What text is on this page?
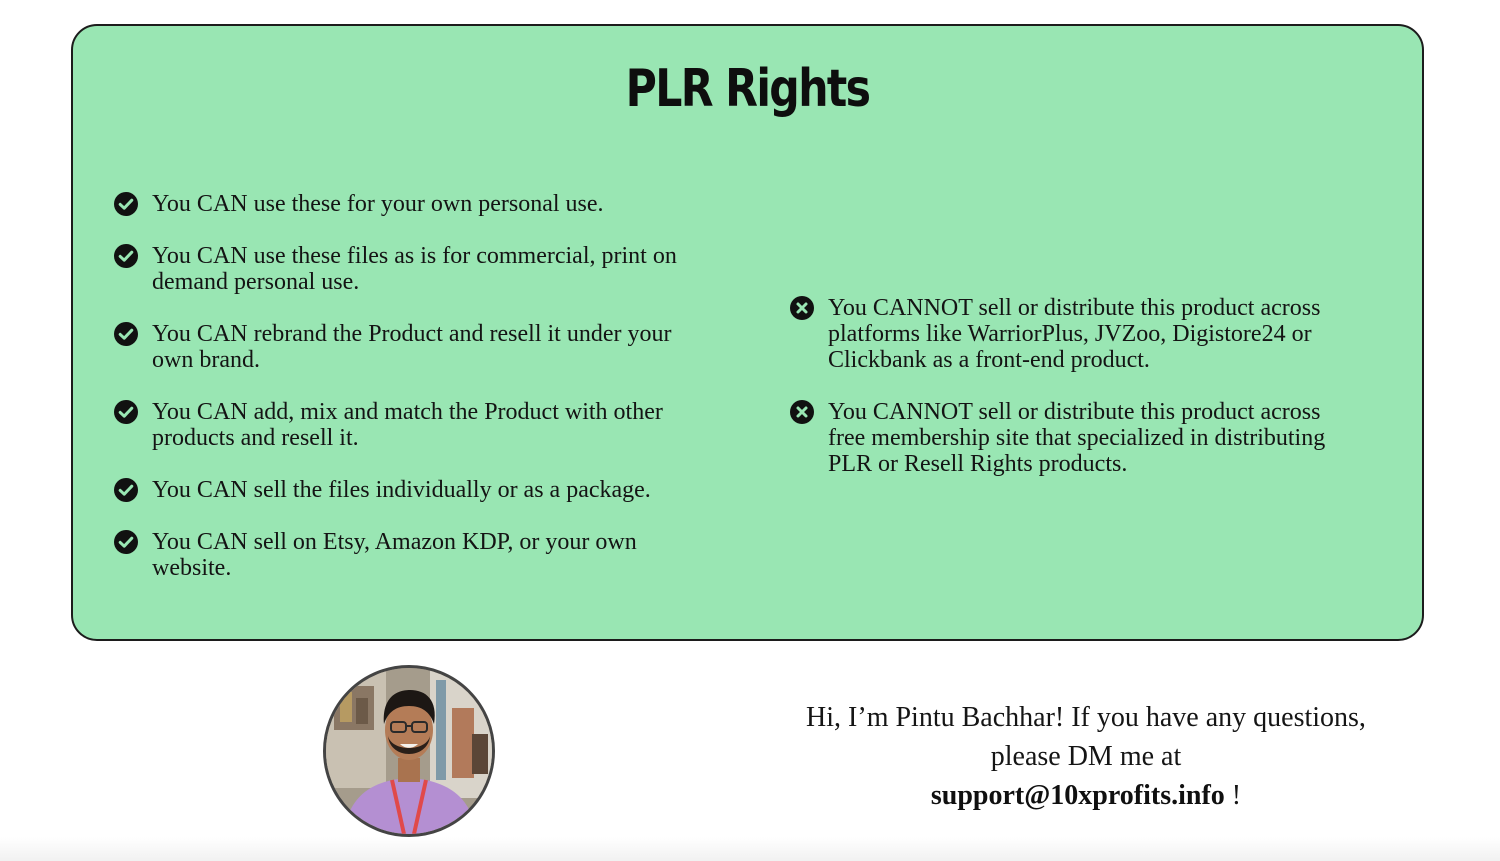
PLR Rights
You CAN use these for your own personal use.
You CAN use these files as is for commercial, print on demand personal use.
You CAN rebrand the Product and resell it under your own brand.
You CAN add, mix and match the Product with other products and resell it.
You CAN sell the files individually or as a package.
You CAN sell on Etsy, Amazon KDP, or your own website.
You CANNOT sell or distribute this product across platforms like WarriorPlus, JVZoo, Digistore24 or Clickbank as a front-end product.
You CANNOT sell or distribute this product across free membership site that specialized in distributing PLR or Resell Rights products.
Hi, I’m Pintu Bachhar! If you have any questions,
please DM me at
support@10xprofits.info !
